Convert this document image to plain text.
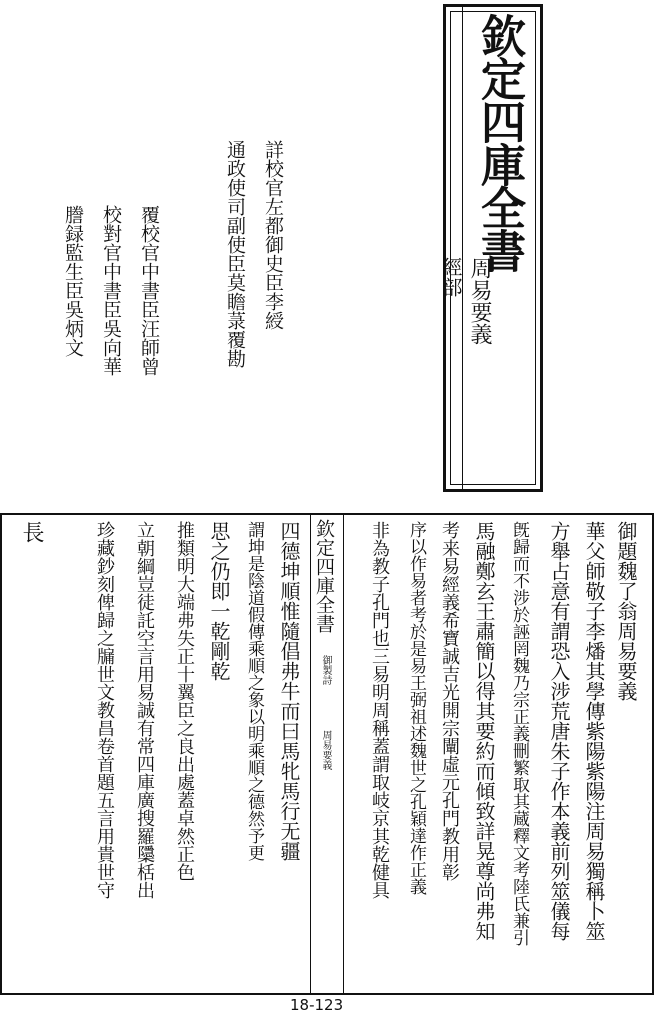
欽定四庫全書
周易要義
經部
詳校官左都御史臣李綬
通政使司副使臣莫瞻菉覆勘
覆校官中書臣汪師曾
校對官中書臣吳向華
謄録監生臣吳炳文
御題魏了翁周易要義
華父師敬子李燔其學傳紫陽紫陽注周易獨稱卜筮
方舉占意有謂恐入涉荒唐朱子作本義前列筮儀每
旣歸而不涉於誣罔魏乃宗正義刪繁取其蔵釋文考陸氏兼引
馬融鄭玄王肅簡以得其要約而傾致詳晃尊尚弗知
考来易經義希寶誠吉光開宗闡虛元孔門教用彰
序以作易者考於是易王弼祖述魏世之孔穎達作正義
非為教子孔門也三易明周稱蓋謂取岐京其乾健具
欽定四庫全書
御製詩
周易要義
四德坤順惟隨倡弗牛而曰馬牝馬行无疆
謂坤是陰道假傳乘順之象以明乘順之德然予更
思之仍即一乾剛乾
推類明大端弗失正十翼臣之良出處蓋卓然正色
立朝綱豈徒託空言用易誠有常四庫廣搜羅櫽栝出
珍藏鈔刻俾歸之牖世文教昌卷首題五言用貴世守
長
18-123
